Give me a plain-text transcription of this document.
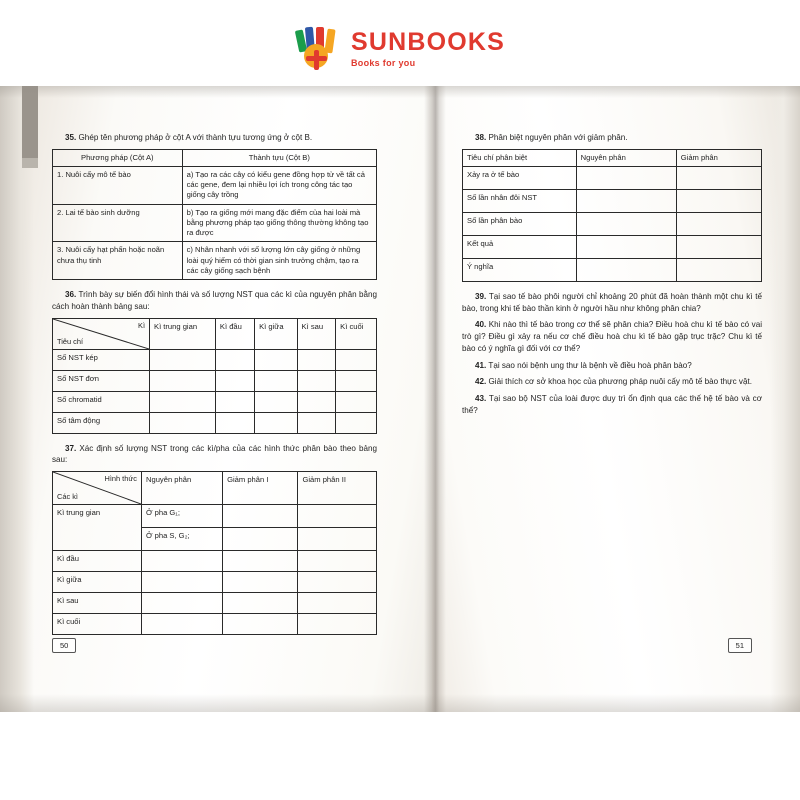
SUNBOOKS
Books for you

35. Ghép tên phương pháp ở cột A với thành tựu tương ứng ở cột B.

Phương pháp (Cột A)	Thành tựu (Cột B)
1. Nuôi cấy mô tế bào	a) Tạo ra các cây có kiểu gene đồng hợp tử về tất cả các gene, đem lại nhiều lợi ích trong công tác tạo giống cây trồng
2. Lai tế bào sinh dưỡng	b) Tạo ra giống mới mang đặc điểm của hai loài mà bằng phương pháp tạo giống thông thường không tạo ra được
3. Nuôi cấy hạt phấn hoặc noãn chưa thụ tinh	c) Nhân nhanh với số lượng lớn cây giống ở những loài quý hiếm có thời gian sinh trưởng chậm, tạo ra các cây giống sạch bệnh

36. Trình bày sự biến đổi hình thái và số lượng NST qua các kì của nguyên phân bằng cách hoàn thành bảng sau:

Kì
Tiêu chí	Kì trung gian	Kì đầu	Kì giữa	Kì sau	Kì cuối
Số NST kép					
Số NST đơn					
Số chromatid					
Số tâm động					

37. Xác định số lượng NST trong các kì/pha của các hình thức phân bào theo bảng sau:

Hình thức
Các kì	Nguyên phân	Giảm phân I	Giảm phân II
Kì trung gian	Ở pha G₁;		
	Ở pha S, G₂;		
Kì đầu			
Kì giữa			
Kì sau			
Kì cuối			
50

38. Phân biệt nguyên phân với giảm phân.

Tiêu chí phân biệt	Nguyên phân	Giảm phân
Xảy ra ở tế bào		
Số lần nhân đôi NST		
Số lần phân bào		
Kết quả		
Ý nghĩa		

39. Tại sao tế bào phôi người chỉ khoảng 20 phút đã hoàn thành một chu kì tế bào, trong khi tế bào thần kinh ở người hầu như không phân chia?

40. Khi nào thì tế bào trong cơ thể sẽ phân chia? Điều hoà chu kì tế bào có vai trò gì? Điều gì xảy ra nếu cơ chế điều hoà chu kì tế bào gặp trục trặc? Chu kì tế bào có ý nghĩa gì đối với cơ thể?

41. Tại sao nói bệnh ung thư là bệnh về điều hoà phân bào?

42. Giải thích cơ sở khoa học của phương pháp nuôi cấy mô tế bào thực vật.

43. Tại sao bộ NST của loài được duy trì ổn định qua các thế hệ tế bào và cơ thể?

51
